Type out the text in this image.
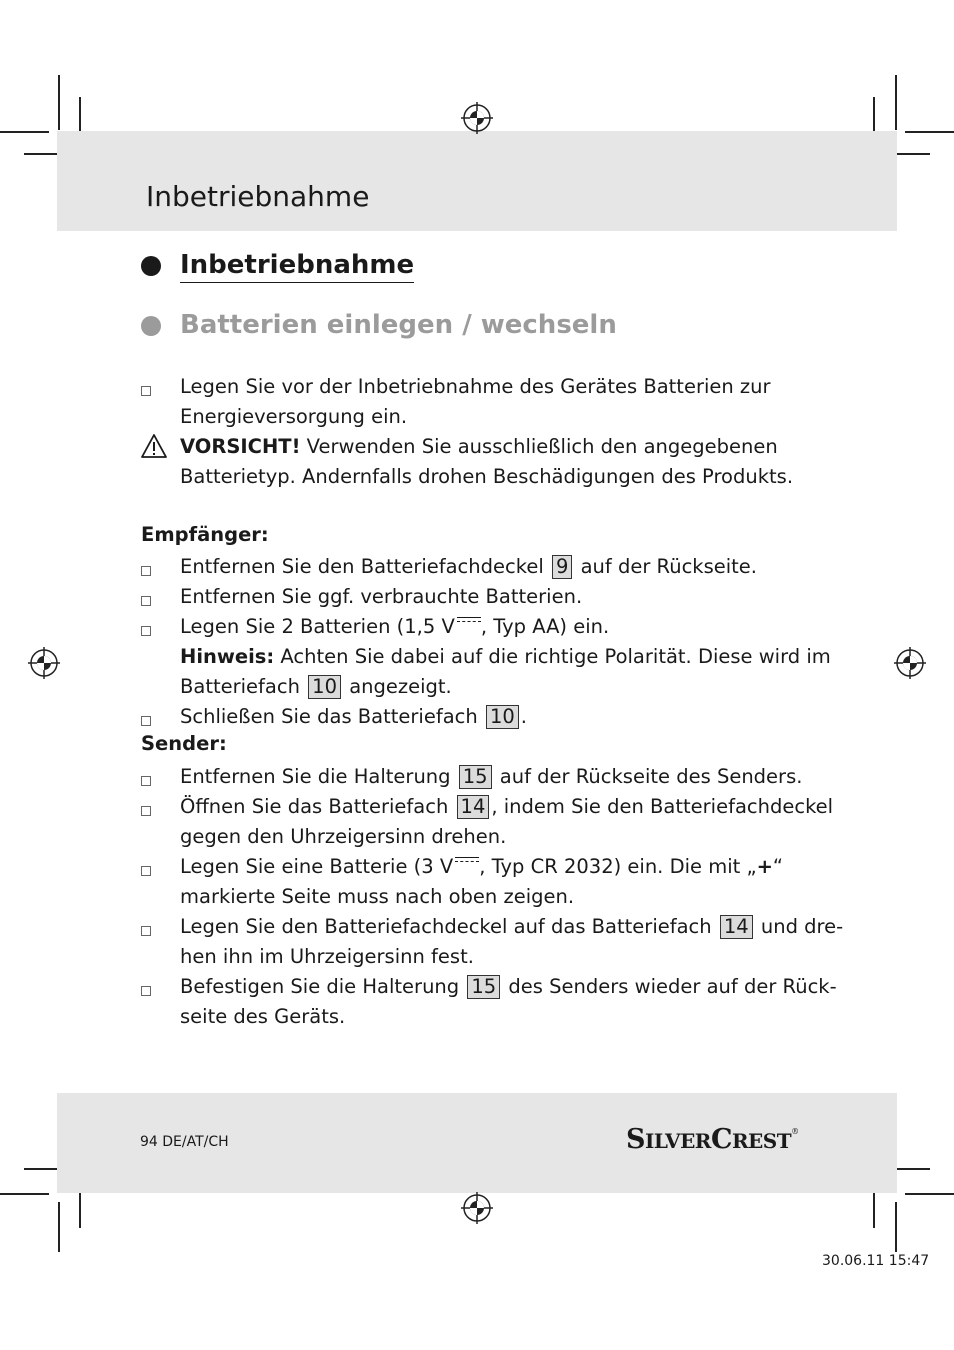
Inbetriebnahme
Inbetriebnahme
Batterien einlegen / wechseln
Legen Sie vor der Inbetriebnahme des Gerätes Batterien zur
Energieversorgung ein.
VORSICHT! Verwenden Sie ausschließlich den angegebenen
Batterietyp. Andernfalls drohen Beschädigungen des Produkts.
Empfänger:
Entfernen Sie den Batteriefachdeckel 9 auf der Rückseite.
Entfernen Sie ggf. verbrauchte Batterien.
Legen Sie 2 Batterien (1,5 V , Typ AA) ein.
Hinweis: Achten Sie dabei auf die richtige Polarität. Diese wird im
Batteriefach 10 angezeigt.
Schließen Sie das Batteriefach 10 .
Sender:
Entfernen Sie die Halterung 15 auf der Rückseite des Senders.
Öffnen Sie das Batteriefach 14 , indem Sie den Batteriefachdeckel
gegen den Uhrzeigersinn drehen.
Legen Sie eine Batterie (3 V , Typ CR 2032) ein. Die mit „+“
markierte Seite muss nach oben zeigen.
Legen Sie den Batteriefachdeckel auf das Batteriefach 14 und dre-
hen ihn im Uhrzeigersinn fest.
Befestigen Sie die Halterung 15 des Senders wieder auf der Rück-
seite des Geräts.
94 DE/AT/CH	SILVERCREST®
30.06.11 15:47
